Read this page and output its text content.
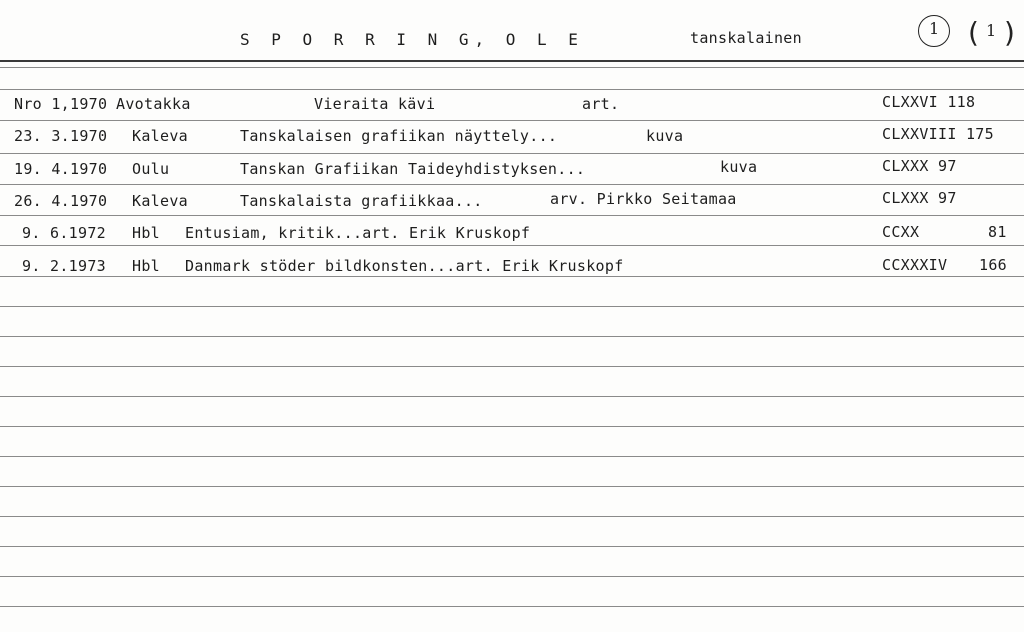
S P O R R I N G, O L E	tanskalainen	1 ( 1 )
Nro 1,1970 Avotakka	Vieraita kävi	art.	CLXXVI 118
23. 3.1970 Kaleva	Tanskalaisen grafiikan näyttely...	kuva	CLXXVIII 175
19. 4.1970 Oulu	Tanskan Grafiikan Taideyhdistyksen...	kuva	CLXXX 97
26. 4.1970 Kaleva	Tanskalaista grafiikkaa...	arv. Pirkko Seitamaa	CLXXX 97
9. 6.1972 Hbl Entusiam, kritik...art. Erik Kruskopf	CCXX	81
9. 2.1973 Hbl Danmark stöder bildkonsten...art. Erik Kruskopf	CCXXXIV 166
